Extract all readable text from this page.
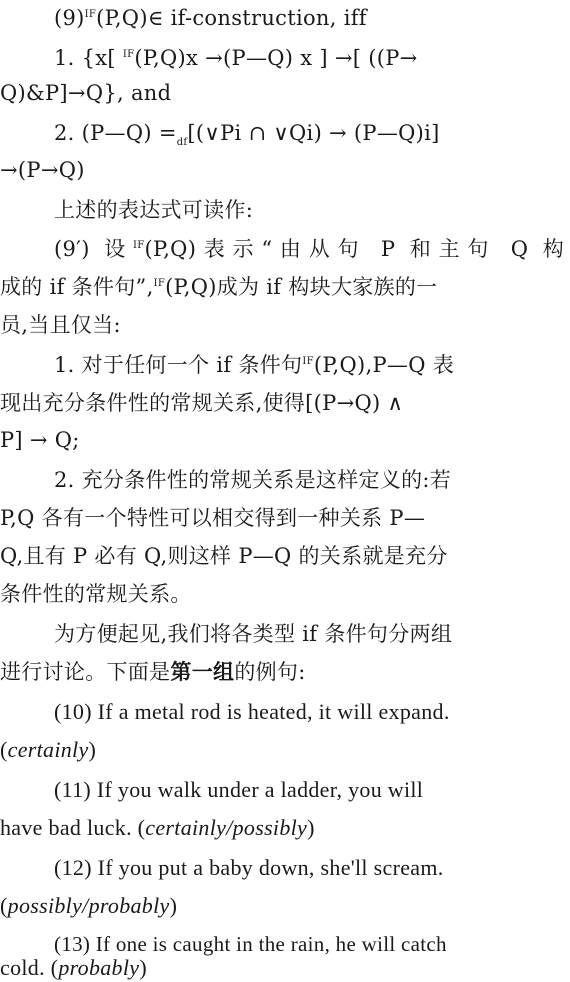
$(9)^{IF}(P,Q)\in$ if-construction, iff
1. {x[ $^{IF}$(P,Q)x →(P—Q) x ] →[ ((P→
Q)&P]→Q}, and
2. (P—Q) $=_{df}[(\vee Pi$ ∩ ∨Qi) → (P—Q)i]
→(P→Q)
上述的表达式可读作:
(9′) 设$^{IF}$(P,Q)表示“由从句 P 和主句 Q 构
成的 if 条件句”,$^{IF}$(P,Q)成为 if 构块大家族的一
员,当且仅当:
1. 对于任何一个 if 条件句$^{IF}$(P,Q),P—Q 表
现出充分条件性的常规关系,使得[(P→Q) ∧
P] → Q;
2. 充分条件性的常规关系是这样定义的:若
P,Q 各有一个特性可以相交得到一种关系 P—
Q,且有 P 必有 Q,则这样 P—Q 的关系就是充分
条件性的常规关系。
为方便起见,我们将各类型 if 条件句分两组
进行讨论。下面是第一组的例句:
(10) If a metal rod is heated, it will expand.
(certainly)
(11) If you walk under a ladder, you will
have bad luck. (certainly/possibly)
(12) If you put a baby down, she'll scream.
(possibly/probably)
(13) If one is caught in the rain, he will catch
cold. (probably)
